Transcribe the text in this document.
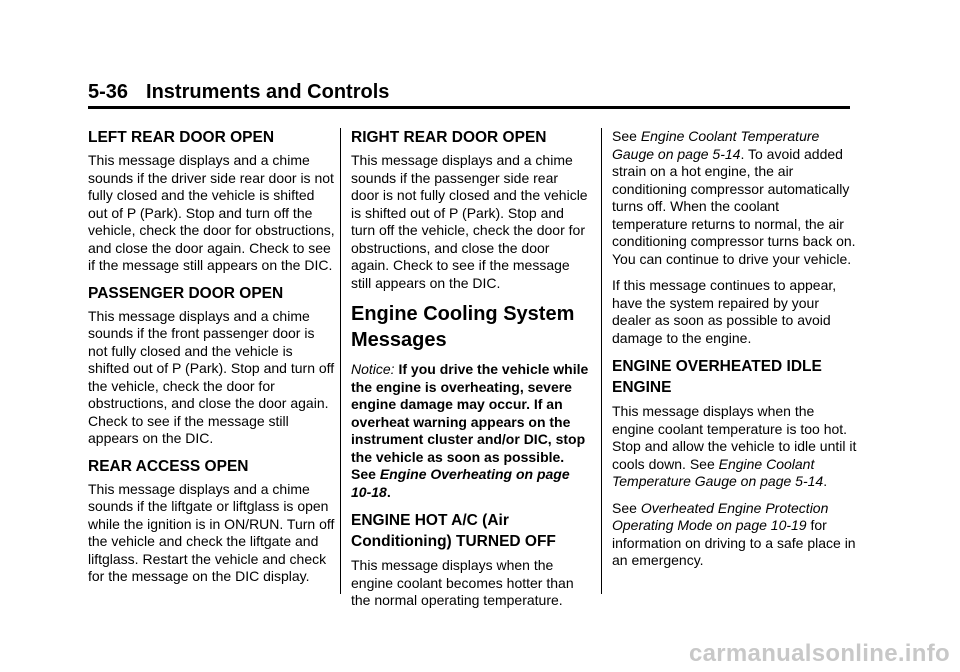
5-36 Instruments and Controls
LEFT REAR DOOR OPEN

This message displays and a chime sounds if the driver side rear door is not fully closed and the vehicle is shifted out of P (Park). Stop and turn off the vehicle, check the door for obstructions, and close the door again. Check to see if the message still appears on the DIC.

PASSENGER DOOR OPEN

This message displays and a chime sounds if the front passenger door is not fully closed and the vehicle is shifted out of P (Park). Stop and turn off the vehicle, check the door for obstructions, and close the door again. Check to see if the message still appears on the DIC.

REAR ACCESS OPEN

This message displays and a chime sounds if the liftgate or liftglass is open while the ignition is in ON/RUN. Turn off the vehicle and check the liftgate and liftglass. Restart the vehicle and check for the message on the DIC display.

RIGHT REAR DOOR OPEN

This message displays and a chime sounds if the passenger side rear door is not fully closed and the vehicle is shifted out of P (Park). Stop and turn off the vehicle, check the door for obstructions, and close the door again. Check to see if the message still appears on the DIC.

Engine Cooling System Messages

Notice: If you drive the vehicle while the engine is overheating, severe engine damage may occur. If an overheat warning appears on the instrument cluster and/or DIC, stop the vehicle as soon as possible. See Engine Overheating on page 10-18.

ENGINE HOT A/C (Air Conditioning) TURNED OFF

This message displays when the engine coolant becomes hotter than the normal operating temperature.

See Engine Coolant Temperature Gauge on page 5-14. To avoid added strain on a hot engine, the air conditioning compressor automatically turns off. When the coolant temperature returns to normal, the air conditioning compressor turns back on. You can continue to drive your vehicle.

If this message continues to appear, have the system repaired by your dealer as soon as possible to avoid damage to the engine.

ENGINE OVERHEATED IDLE ENGINE

This message displays when the engine coolant temperature is too hot. Stop and allow the vehicle to idle until it cools down. See Engine Coolant Temperature Gauge on page 5-14.

See Overheated Engine Protection Operating Mode on page 10-19 for information on driving to a safe place in an emergency.

carmanualsonline.info
